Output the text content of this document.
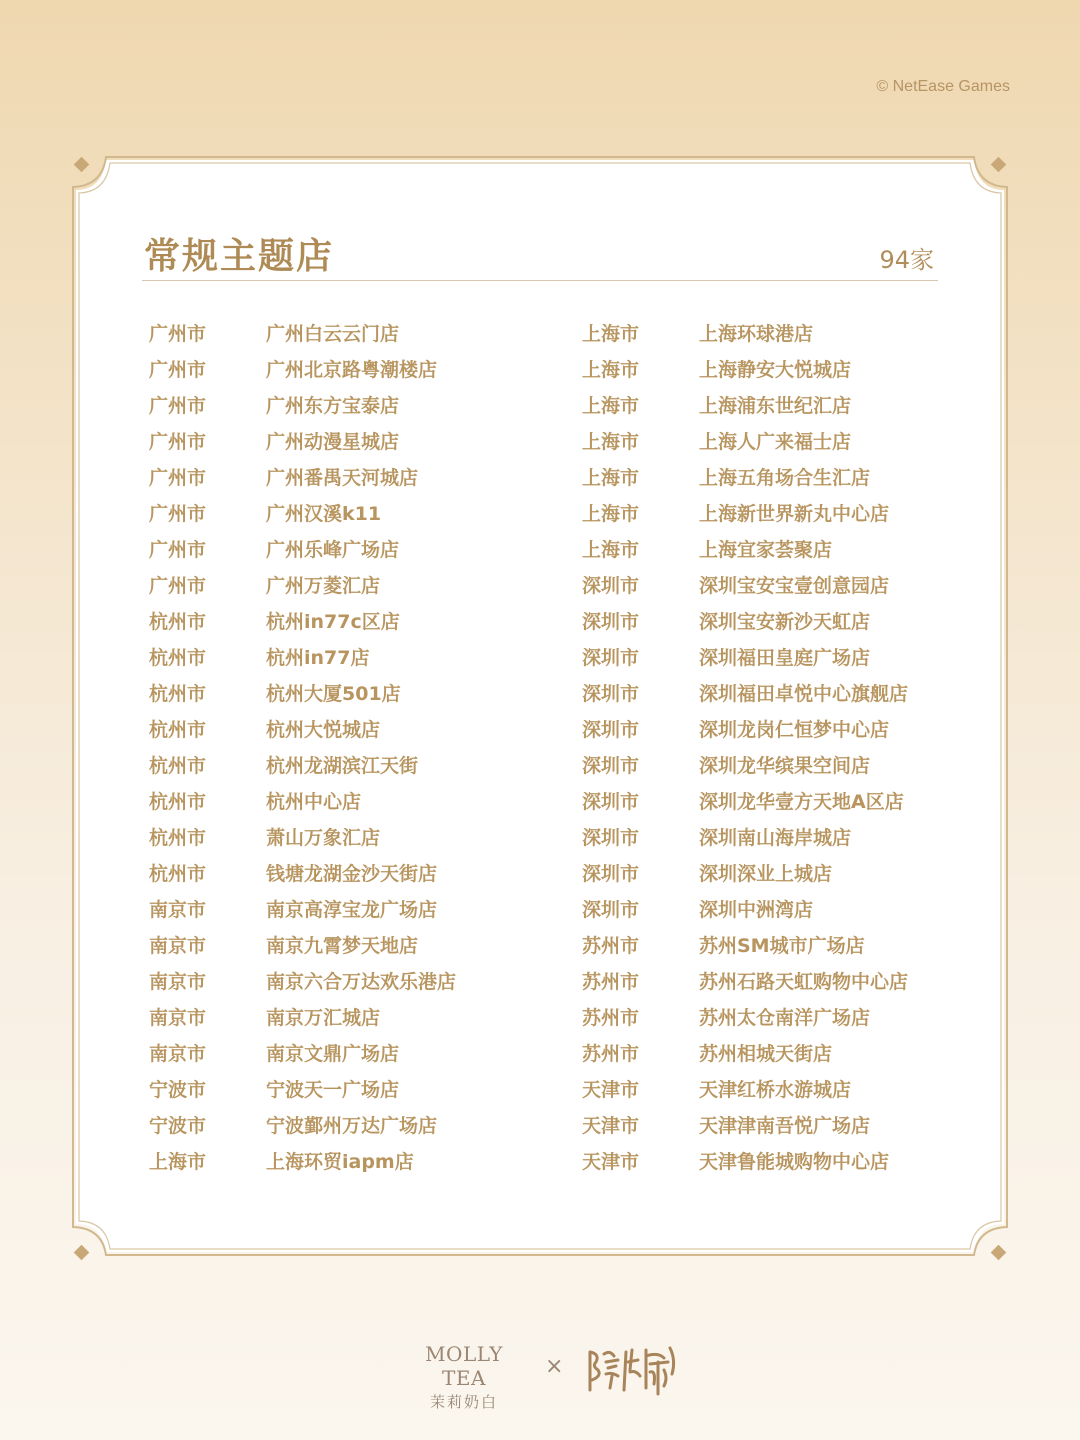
© NetEase Games
常规主题店	94家
广州市	广州白云云门店
广州市	广州北京路粤潮楼店
广州市	广州东方宝泰店
广州市	广州动漫星城店
广州市	广州番禺天河城店
广州市	广州汉溪k11
广州市	广州乐峰广场店
广州市	广州万菱汇店
杭州市	杭州in77c区店
杭州市	杭州in77店
杭州市	杭州大厦501店
杭州市	杭州大悦城店
杭州市	杭州龙湖滨江天街
杭州市	杭州中心店
杭州市	萧山万象汇店
杭州市	钱塘龙湖金沙天街店
南京市	南京高淳宝龙广场店
南京市	南京九霄梦天地店
南京市	南京六合万达欢乐港店
南京市	南京万汇城店
南京市	南京文鼎广场店
宁波市	宁波天一广场店
宁波市	宁波鄞州万达广场店
上海市	上海环贸iapm店
上海市	上海环球港店
上海市	上海静安大悦城店
上海市	上海浦东世纪汇店
上海市	上海人广来福士店
上海市	上海五角场合生汇店
上海市	上海新世界新丸中心店
上海市	上海宜家荟聚店
深圳市	深圳宝安宝壹创意园店
深圳市	深圳宝安新沙天虹店
深圳市	深圳福田皇庭广场店
深圳市	深圳福田卓悦中心旗舰店
深圳市	深圳龙岗仁恒梦中心店
深圳市	深圳龙华缤果空间店
深圳市	深圳龙华壹方天地A区店
深圳市	深圳南山海岸城店
深圳市	深圳深业上城店
深圳市	深圳中洲湾店
苏州市	苏州SM城市广场店
苏州市	苏州石路天虹购物中心店
苏州市	苏州太仓南洋广场店
苏州市	苏州相城天街店
天津市	天津红桥水游城店
天津市	天津津南吾悦广场店
天津市	天津鲁能城购物中心店
MOLLY TEA
茉莉奶白
×
